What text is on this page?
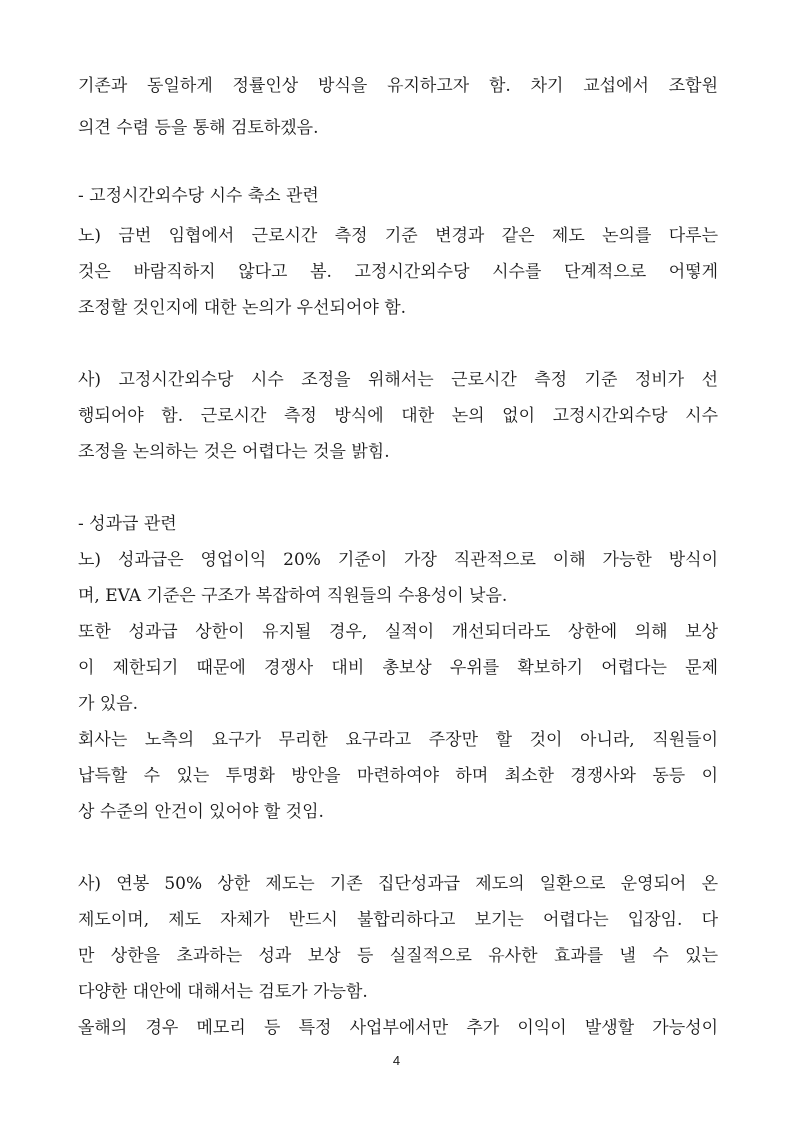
기존과 동일하게 정률인상 방식을 유지하고자 함. 차기 교섭에서 조합원
의견 수렴 등을 통해 검토하겠음.
- 고정시간외수당 시수 축소 관련
노) 금번 임협에서 근로시간 측정 기준 변경과 같은 제도 논의를 다루는
것은 바람직하지 않다고 봄. 고정시간외수당 시수를 단계적으로 어떻게
조정할 것인지에 대한 논의가 우선되어야 함.
사) 고정시간외수당 시수 조정을 위해서는 근로시간 측정 기준 정비가 선
행되어야 함. 근로시간 측정 방식에 대한 논의 없이 고정시간외수당 시수
조정을 논의하는 것은 어렵다는 것을 밝힘.
- 성과급 관련
노) 성과급은 영업이익 20% 기준이 가장 직관적으로 이해 가능한 방식이
며, EVA 기준은 구조가 복잡하여 직원들의 수용성이 낮음.
또한 성과급 상한이 유지될 경우, 실적이 개선되더라도 상한에 의해 보상
이 제한되기 때문에 경쟁사 대비 총보상 우위를 확보하기 어렵다는 문제
가 있음.
회사는 노측의 요구가 무리한 요구라고 주장만 할 것이 아니라, 직원들이
납득할 수 있는 투명화 방안을 마련하여야 하며 최소한 경쟁사와 동등 이
상 수준의 안건이 있어야 할 것임.
사) 연봉 50% 상한 제도는 기존 집단성과급 제도의 일환으로 운영되어 온
제도이며, 제도 자체가 반드시 불합리하다고 보기는 어렵다는 입장임. 다
만 상한을 초과하는 성과 보상 등 실질적으로 유사한 효과를 낼 수 있는
다양한 대안에 대해서는 검토가 가능함.
올해의 경우 메모리 등 특정 사업부에서만 추가 이익이 발생할 가능성이
4
